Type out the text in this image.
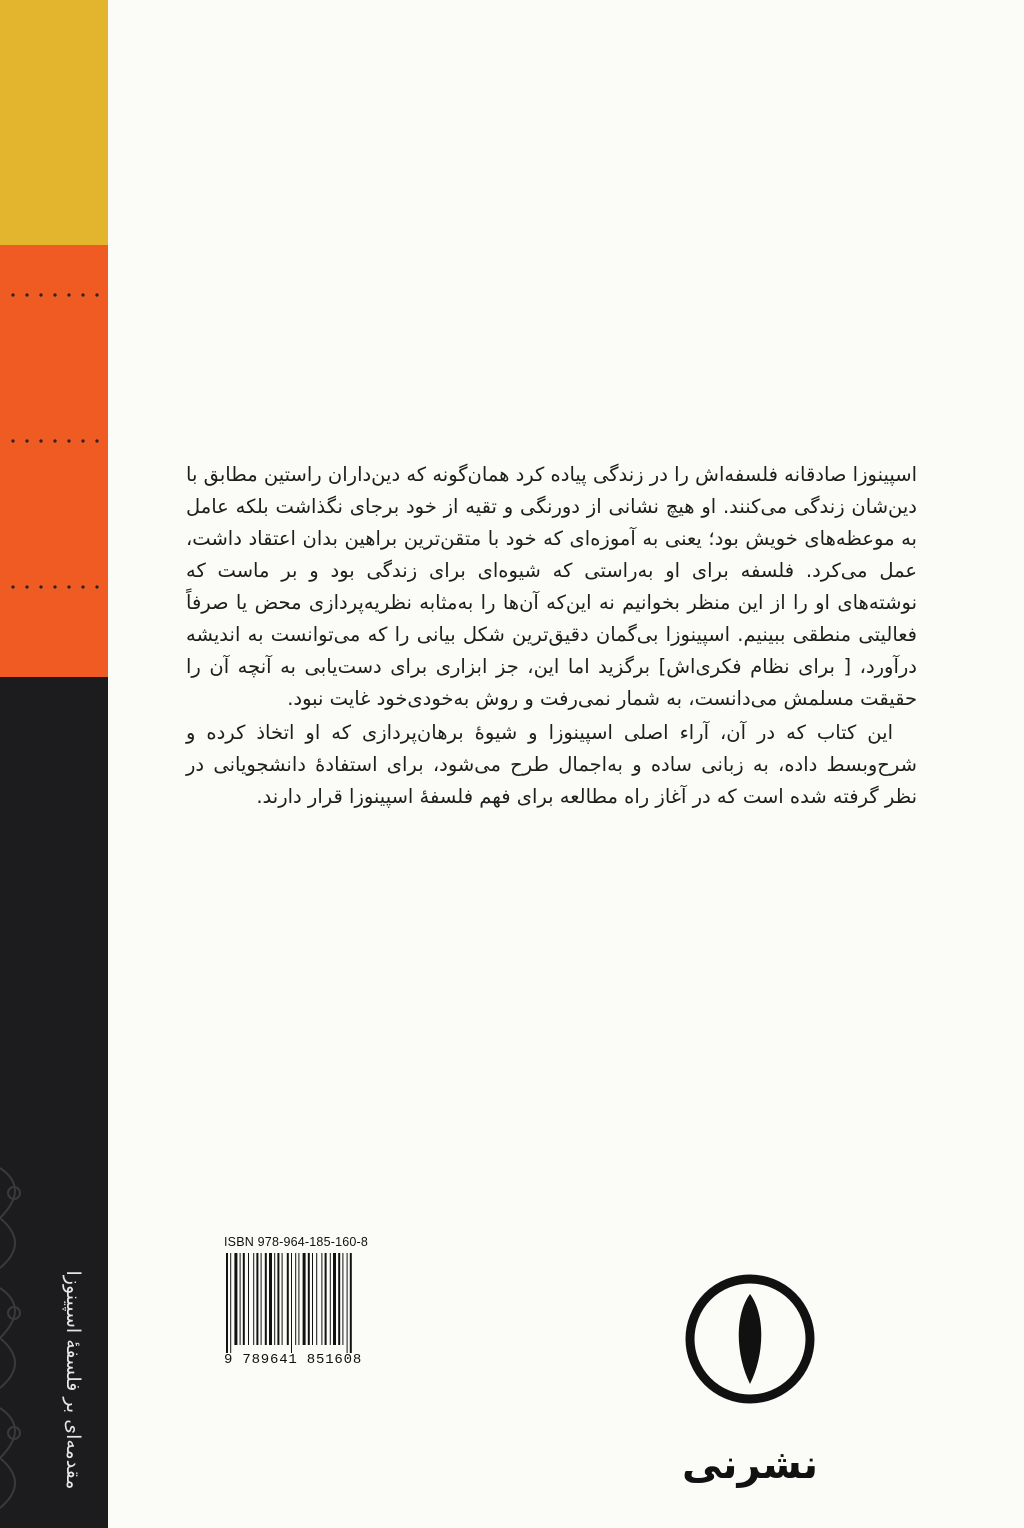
مقدمه‌ای بر فلسفهٔ اسپینوزا

اسپینوزا صادقانه فلسفه‌اش را در زندگی پیاده کرد همان‌گونه که دین‌داران راستین مطابق با دین‌شان زندگی می‌کنند. او هیچ نشانی از دورنگی و تقیه از خود برجای نگذاشت بلکه عامل به موعظه‌های خویش بود؛ یعنی به آموزه‌ای که خود با متقن‌ترین براهین بدان اعتقاد داشت، عمل می‌کرد. فلسفه برای او به‌راستی که شیوه‌ای برای زندگی بود و بر ماست که نوشته‌های او را از این منظر بخوانیم نه این‌که آن‌ها را به‌مثابه نظریه‌پردازی محض یا صرفاً فعالیتی منطقی ببینیم. اسپینوزا بی‌گمان دقیق‌ترین شکل بیانی را که می‌توانست به اندیشه درآورد، [ برای نظام فکری‌اش] برگزید اما این، جز ابزاری برای دست‌یابی به آنچه آن را حقیقت مسلمش می‌دانست، به شمار نمی‌رفت و روش به‌خودی‌خود غایت نبود.

این کتاب که در آن، آراء اصلی اسپینوزا و شیوهٔ برهان‌پردازی که او اتخاذ کرده و شرح‌وبسط داده، به زبانی ساده و به‌اجمال طرح می‌شود، برای استفادهٔ دانشجویانی در نظر گرفته شده است که در آغاز راه مطالعه برای فهم فلسفهٔ اسپینوزا قرار دارند.

ISBN 978-964-185-160-8
9 789641 851608
نشرنی
